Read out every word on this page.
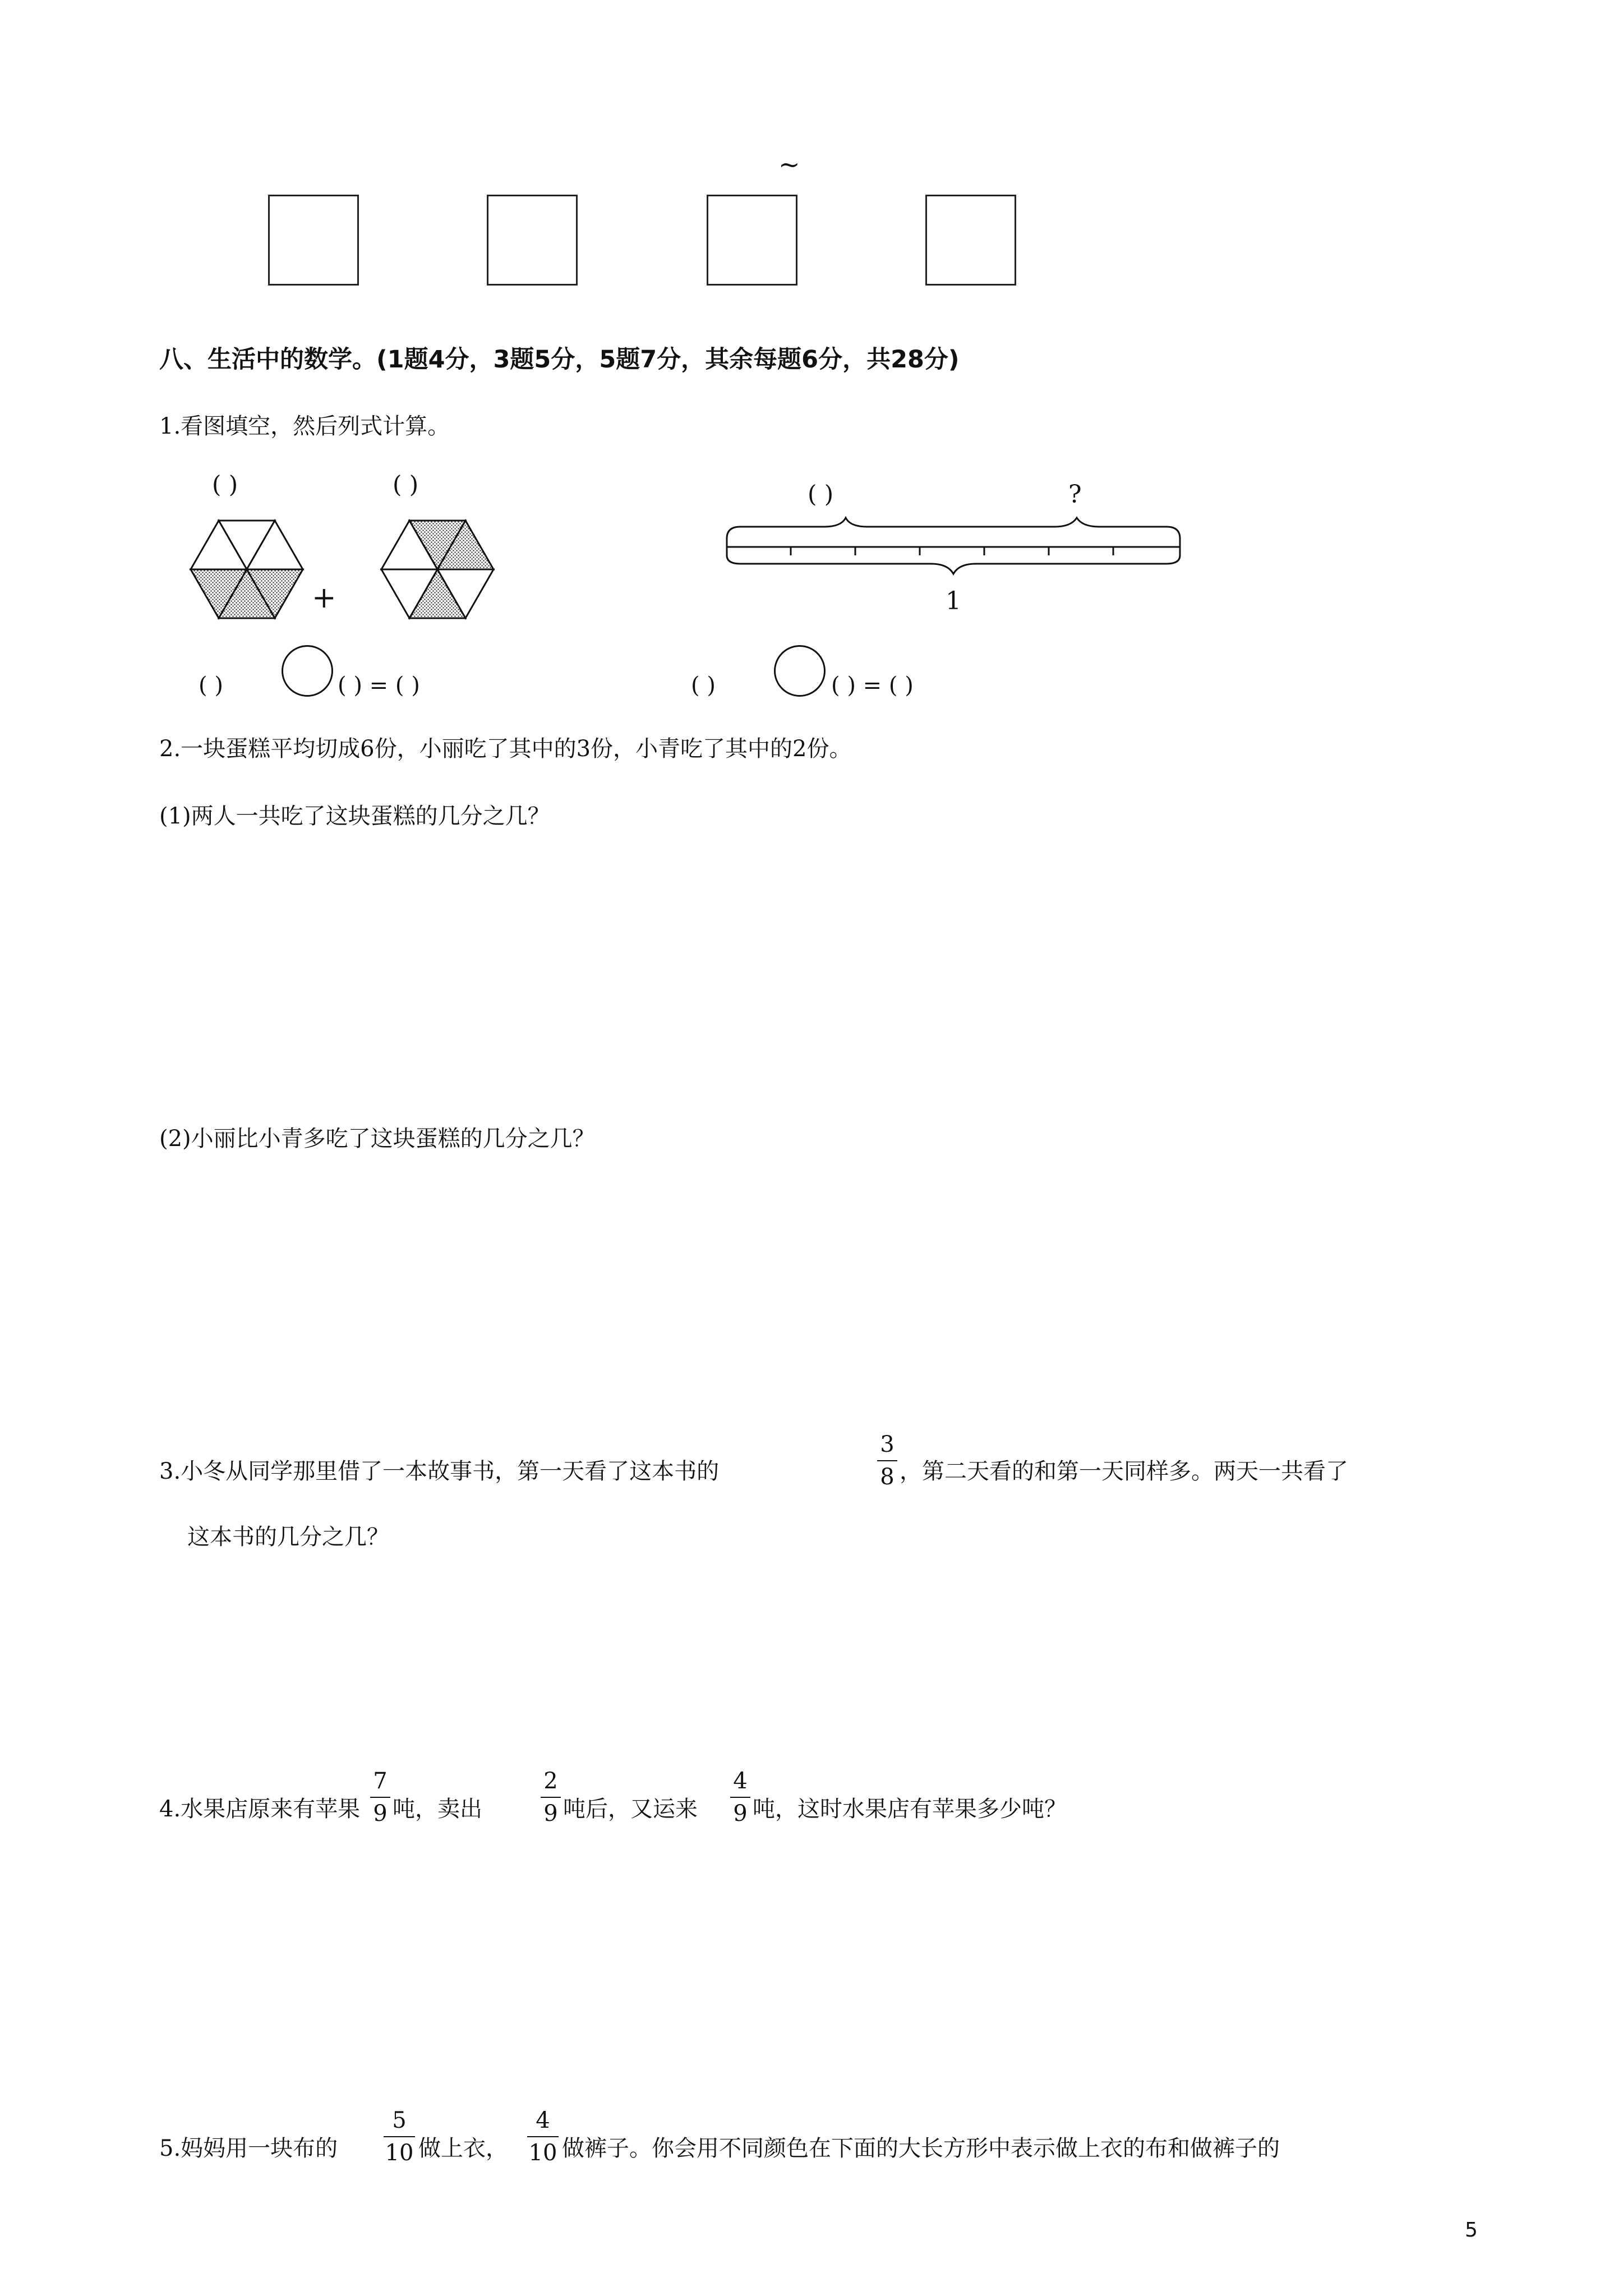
~
八、生活中的数学。(1题4分，3题5分，5题7分，其余每题6分，共28分)
1.看图填空，然后列式计算。
( )	( )
+
( )	?
1
( )	( ) = ( )	( )	( ) = ( )
2.一块蛋糕平均切成6份，小丽吃了其中的3份，小青吃了其中的2份。
(1)两人一共吃了这块蛋糕的几分之几？
(2)小丽比小青多吃了这块蛋糕的几分之几？
3.小冬从同学那里借了一本故事书，第一天看了这本书的
3
8 ，第二天看的和第一天同样多。两天一共看了
这本书的几分之几？
4.水果店原来有苹果
7
9 吨，卖出
2
9 吨后，又运来
4
9 吨，这时水果店有苹果多少吨？
5.妈妈用一块布的
5
10 做上衣，
4
10 做裤子。你会用不同颜色在下面的大长方形中表示做上衣的布和做裤子的
5
